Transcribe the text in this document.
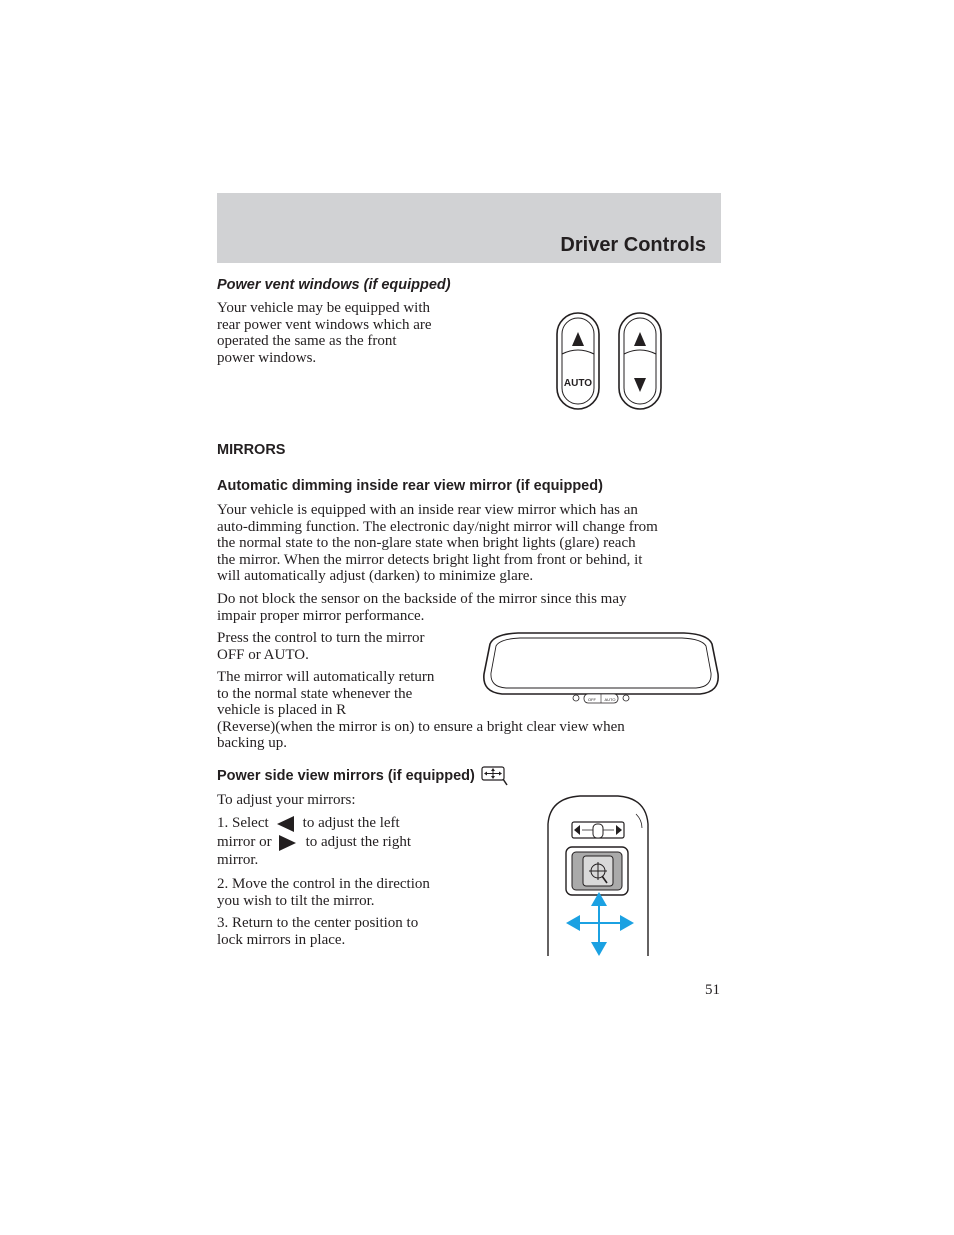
Driver Controls
Power vent windows (if equipped)
Your vehicle may be equipped with
rear power vent windows which are
operated the same as the front
power windows.
AUTO
MIRRORS
Automatic dimming inside rear view mirror (if equipped)
Your vehicle is equipped with an inside rear view mirror which has an
auto-dimming function. The electronic day/night mirror will change from
the normal state to the non-glare state when bright lights (glare) reach
the mirror. When the mirror detects bright light from front or behind, it
will automatically adjust (darken) to minimize glare.
Do not block the sensor on the backside of the mirror since this may
impair proper mirror performance.
Press the control to turn the mirror
OFF or AUTO.
The mirror will automatically return
to the normal state whenever the
vehicle is placed in R
(Reverse)(when the mirror is on) to ensure a bright clear view when
backing up.
OFF AUTO
Power side view mirrors (if equipped)
To adjust your mirrors:
1. Select to adjust the left
mirror or to adjust the right
mirror.
2. Move the control in the direction
you wish to tilt the mirror.
3. Return to the center position to
lock mirrors in place.
51
